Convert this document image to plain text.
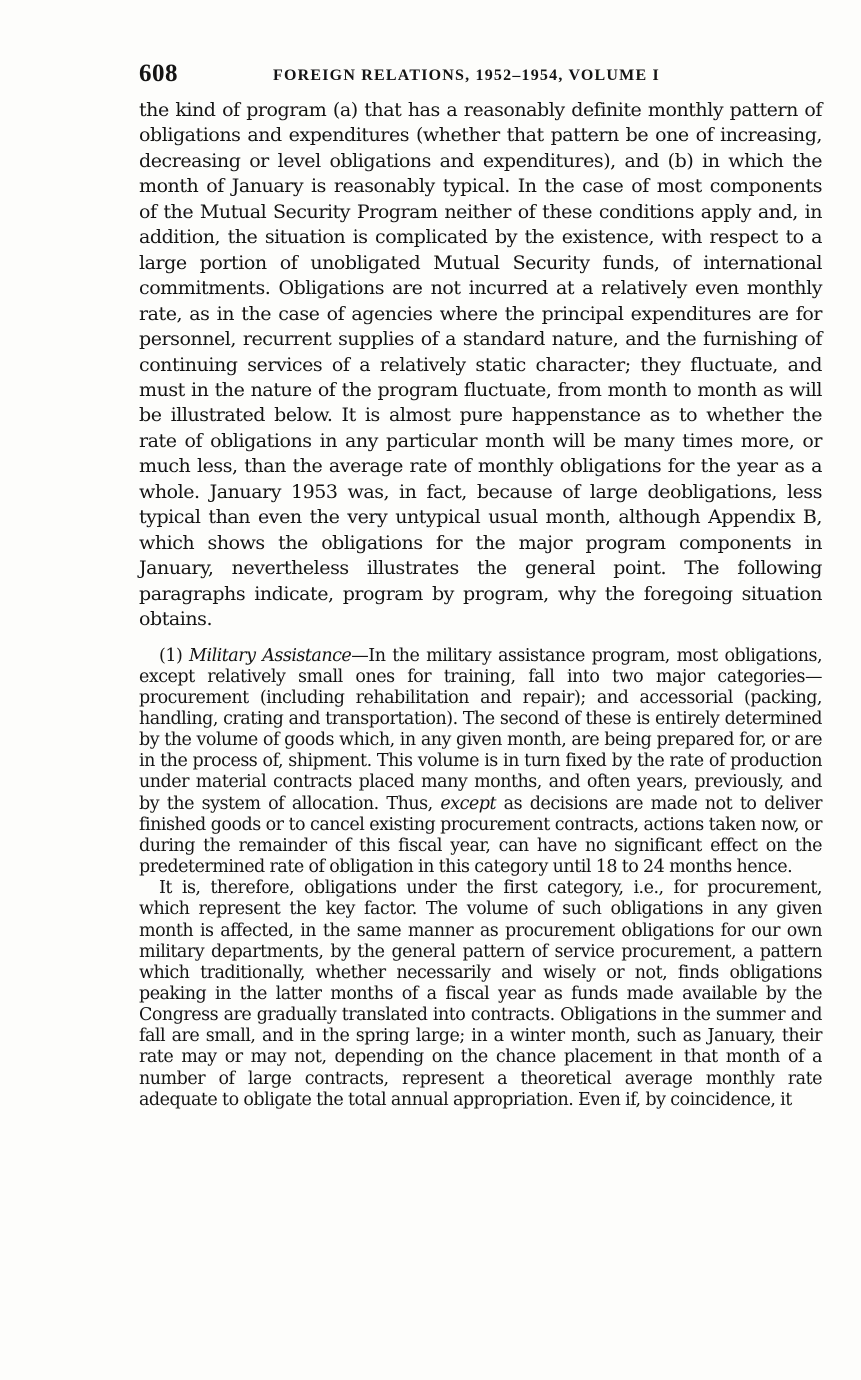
608	FOREIGN RELATIONS, 1952–1954, VOLUME I

the kind of program (a) that has a reasonably definite monthly pattern of obligations and expenditures (whether that pattern be one of increasing, decreasing or level obligations and expenditures), and (b) in which the month of January is reasonably typical. In the case of most components of the Mutual Security Program neither of these conditions apply and, in addition, the situation is complicated by the existence, with respect to a large portion of unobligated Mutual Security funds, of international commitments. Obligations are not incurred at a relatively even monthly rate, as in the case of agencies where the principal expenditures are for personnel, recurrent supplies of a standard nature, and the furnishing of continuing services of a relatively static character; they fluctuate, and must in the nature of the program fluctuate, from month to month as will be illustrated below. It is almost pure happenstance as to whether the rate of obligations in any particular month will be many times more, or much less, than the average rate of monthly obligations for the year as a whole. January 1953 was, in fact, because of large deobligations, less typical than even the very untypical usual month, although Appendix B, which shows the obligations for the major program components in January, nevertheless illustrates the general point. The following paragraphs indicate, program by program, why the foregoing situation obtains.

(1) Military Assistance—In the military assistance program, most obligations, except relatively small ones for training, fall into two major categories—procurement (including rehabilitation and repair); and accessorial (packing, handling, crating and transportation). The second of these is entirely determined by the volume of goods which, in any given month, are being prepared for, or are in the process of, shipment. This volume is in turn fixed by the rate of production under material contracts placed many months, and often years, previously, and by the system of allocation. Thus, except as decisions are made not to deliver finished goods or to cancel existing procurement contracts, actions taken now, or during the remainder of this fiscal year, can have no significant effect on the predetermined rate of obligation in this category until 18 to 24 months hence.

It is, therefore, obligations under the first category, i.e., for procurement, which represent the key factor. The volume of such obligations in any given month is affected, in the same manner as procurement obligations for our own military departments, by the general pattern of service procurement, a pattern which traditionally, whether necessarily and wisely or not, finds obligations peaking in the latter months of a fiscal year as funds made available by the Congress are gradually translated into contracts. Obligations in the summer and fall are small, and in the spring large; in a winter month, such as January, their rate may or may not, depending on the chance placement in that month of a number of large contracts, represent a theoretical average monthly rate adequate to obligate the total annual appropriation. Even if, by coincidence, it
